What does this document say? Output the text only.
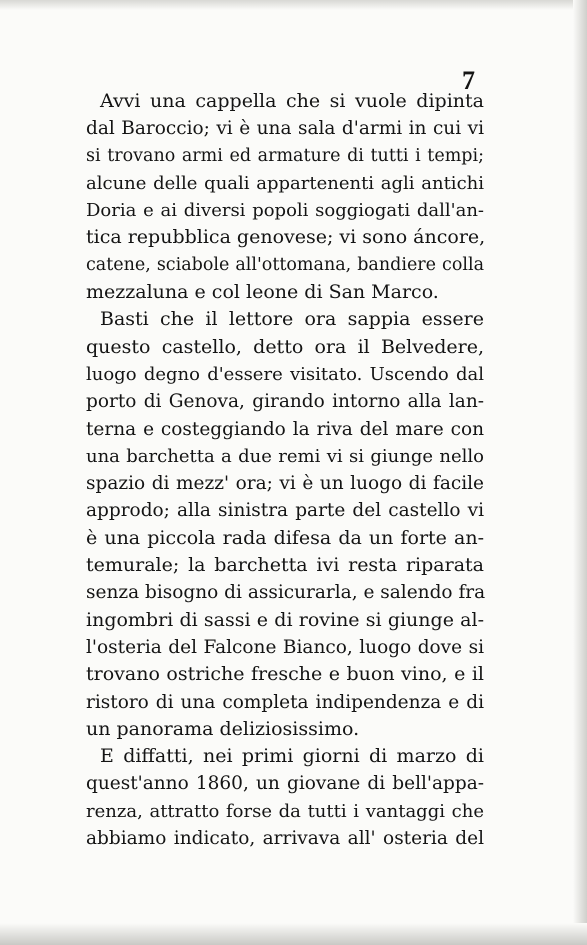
7
Avvi una cappella che si vuole dipinta
dal Baroccio; vi è una sala d'armi in cui vi
si trovano armi ed armature di tutti i tempi;
alcune delle quali appartenenti agli antichi
Doria e ai diversi popoli soggiogati dall'an-
tica repubblica genovese; vi sono áncore,
catene, sciabole all'ottomana, bandiere colla
mezzaluna e col leone di San Marco.
Basti che il lettore ora sappia essere
questo castello, detto ora il Belvedere,
luogo degno d'essere visitato. Uscendo dal
porto di Genova, girando intorno alla lan-
terna e costeggiando la riva del mare con
una barchetta a due remi vi si giunge nello
spazio di mezz' ora; vi è un luogo di facile
approdo; alla sinistra parte del castello vi
è una piccola rada difesa da un forte an-
temurale; la barchetta ivi resta riparata
senza bisogno di assicurarla, e salendo fra
ingombri di sassi e di rovine si giunge al-
l'osteria del Falcone Bianco, luogo dove si
trovano ostriche fresche e buon vino, e il
ristoro di una completa indipendenza e di
un panorama deliziosissimo.
E diffatti, nei primi giorni di marzo di
quest'anno 1860, un giovane di bell'appa-
renza, attratto forse da tutti i vantaggi che
abbiamo indicato, arrivava all' osteria del
